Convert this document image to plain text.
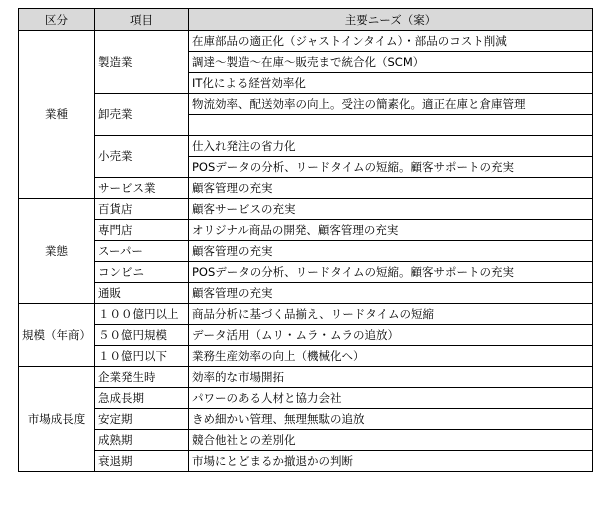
区分	項目	主要ニーズ（案）
業種	製造業	在庫部品の適正化（ジャストインタイム）・部品のコスト削減
		調達～製造～在庫～販売まで統合化（SCM）
		IT化による経営効率化
	卸売業	物流効率、配送効率の向上。受注の簡素化。適正在庫と倉庫管理

	小売業	仕入れ発注の省力化
		POSデータの分析、リードタイムの短縮。顧客サポートの充実
	サービス業	顧客管理の充実
業態	百貨店	顧客サービスの充実
	専門店	オリジナル商品の開発、顧客管理の充実
	スーパー	顧客管理の充実
	コンビニ	POSデータの分析、リードタイムの短縮。顧客サポートの充実
	通販	顧客管理の充実
規模（年商）	１００億円以上	商品分析に基づく品揃え、リードタイムの短縮
	５０億円規模	データ活用（ムリ・ムラ・ムラの追放）
	１０億円以下	業務生産効率の向上（機械化へ）
市場成長度	企業発生時	効率的な市場開拓
	急成長期	パワーのある人材と協力会社
	安定期	きめ細かい管理、無理無駄の追放
	成熟期	競合他社との差別化
	衰退期	市場にとどまるか撤退かの判断
